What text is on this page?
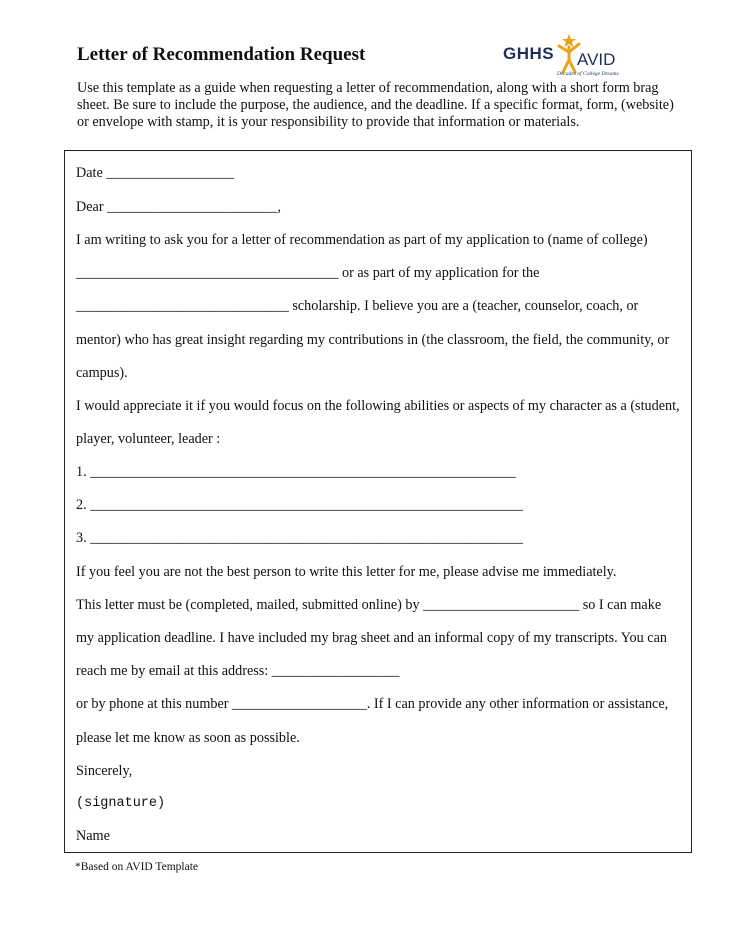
Letter of Recommendation Request	GHHS AVID
Decades of College Dreams

Use this template as a guide when requesting a letter of recommendation, along with a short form brag sheet. Be sure to include the purpose, the audience, and the deadline. If a specific format, form, (website) or envelope with stamp, it is your responsibility to provide that information or materials.

Date __________________

Dear ________________________,

I am writing to ask you for a letter of recommendation as part of my application to (name of college)

_____________________________________ or as part of my application for the

______________________________ scholarship. I believe you are a (teacher, counselor, coach, or

mentor) who has great insight regarding my contributions in (the classroom, the field, the community, or

campus).

I would appreciate it if you would focus on the following abilities or aspects of my character as a (student,

player, volunteer, leader :

1. ____________________________________________________________

2. _____________________________________________________________

3. _____________________________________________________________

If you feel you are not the best person to write this letter for me, please advise me immediately.

This letter must be (completed, mailed, submitted online) by ______________________ so I can make

my application deadline. I have included my brag sheet and an informal copy of my transcripts. You can

reach me by email at this address: __________________

or by phone at this number ___________________. If I can provide any other information or assistance,

please let me know as soon as possible.

Sincerely,

(signature)

Name

*Based on AVID Template
